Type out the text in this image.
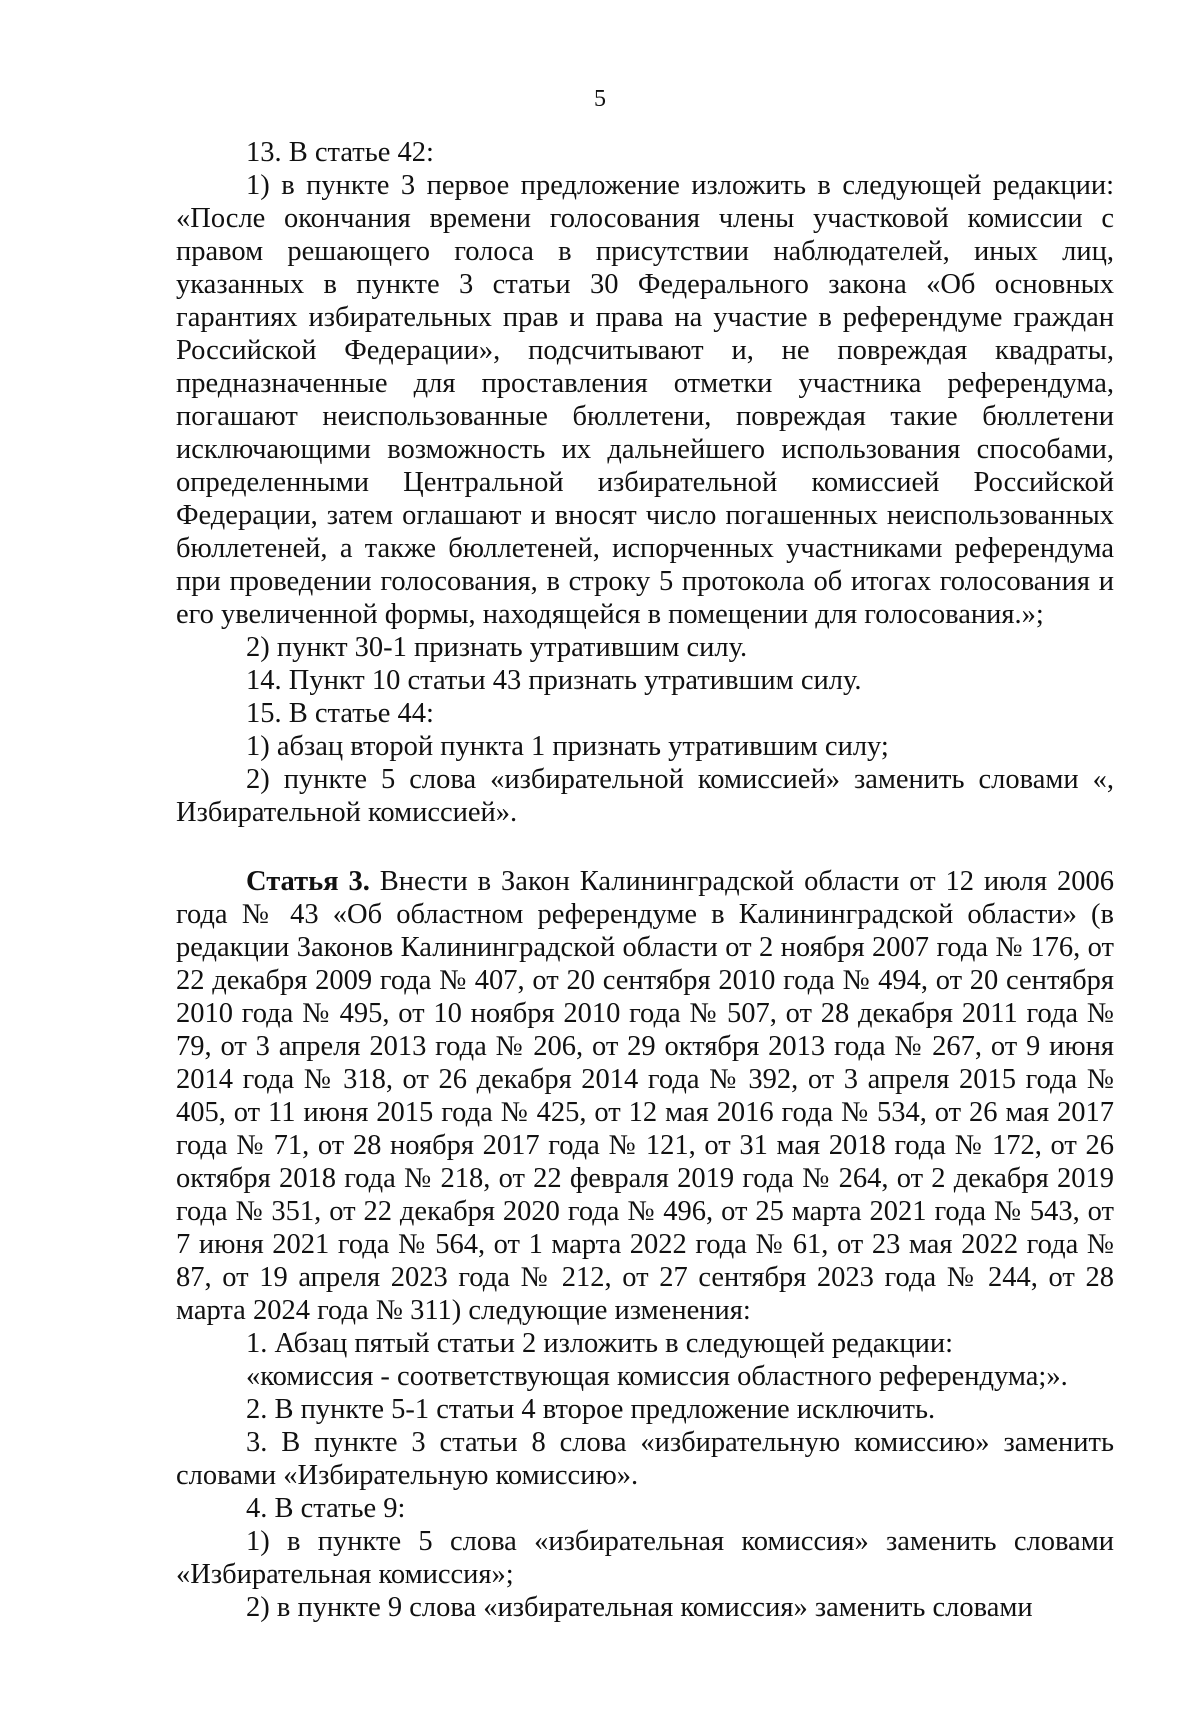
5

13. В статье 42:

1) в пункте 3 первое предложение изложить в следующей редакции: «После окончания времени голосования члены участковой комиссии с правом решающего голоса в присутствии наблюдателей, иных лиц, указанных в пункте 3 статьи 30 Федерального закона «Об основных гарантиях избирательных прав и права на участие в референдуме граждан Российской Федерации», подсчитывают и, не повреждая квадраты, предназначенные для проставления отметки участника референдума, погашают неиспользованные бюллетени, повреждая такие бюллетени исключающими возможность их дальнейшего использования способами, определенными Центральной избирательной комиссией Российской Федерации, затем оглашают и вносят число погашенных неиспользованных бюллетеней, а также бюллетеней, испорченных участниками референдума при проведении голосования, в строку 5 протокола об итогах голосования и его увеличенной формы, находящейся в помещении для голосования.»;

2) пункт 30-1 признать утратившим силу.

14. Пункт 10 статьи 43 признать утратившим силу.

15. В статье 44:

1) абзац второй пункта 1 признать утратившим силу;

2) пункте 5 слова «избирательной комиссией» заменить словами «, Избирательной комиссией».

Статья 3. Внести в Закон Калининградской области от 12 июля 2006 года № 43 «Об областном референдуме в Калининградской области» (в редакции Законов Калининградской области от 2 ноября 2007 года № 176, от 22 декабря 2009 года № 407, от 20 сентября 2010 года № 494, от 20 сентября 2010 года № 495, от 10 ноября 2010 года № 507, от 28 декабря 2011 года № 79, от 3 апреля 2013 года № 206, от 29 октября 2013 года № 267, от 9 июня 2014 года № 318, от 26 декабря 2014 года № 392, от 3 апреля 2015 года № 405, от 11 июня 2015 года № 425, от 12 мая 2016 года № 534, от 26 мая 2017 года № 71, от 28 ноября 2017 года № 121, от 31 мая 2018 года № 172, от 26 октября 2018 года № 218, от 22 февраля 2019 года № 264, от 2 декабря 2019 года № 351, от 22 декабря 2020 года № 496, от 25 марта 2021 года № 543, от 7 июня 2021 года № 564, от 1 марта 2022 года № 61, от 23 мая 2022 года № 87, от 19 апреля 2023 года № 212, от 27 сентября 2023 года № 244, от 28 марта 2024 года № 311) следующие изменения:

1. Абзац пятый статьи 2 изложить в следующей редакции:

«комиссия - соответствующая комиссия областного референдума;».

2. В пункте 5-1 статьи 4 второе предложение исключить.

3. В пункте 3 статьи 8 слова «избирательную комиссию» заменить словами «Избирательную комиссию».

4. В статье 9:

1) в пункте 5 слова «избирательная комиссия» заменить словами «Избирательная комиссия»;

2) в пункте 9 слова «избирательная комиссия» заменить словами
